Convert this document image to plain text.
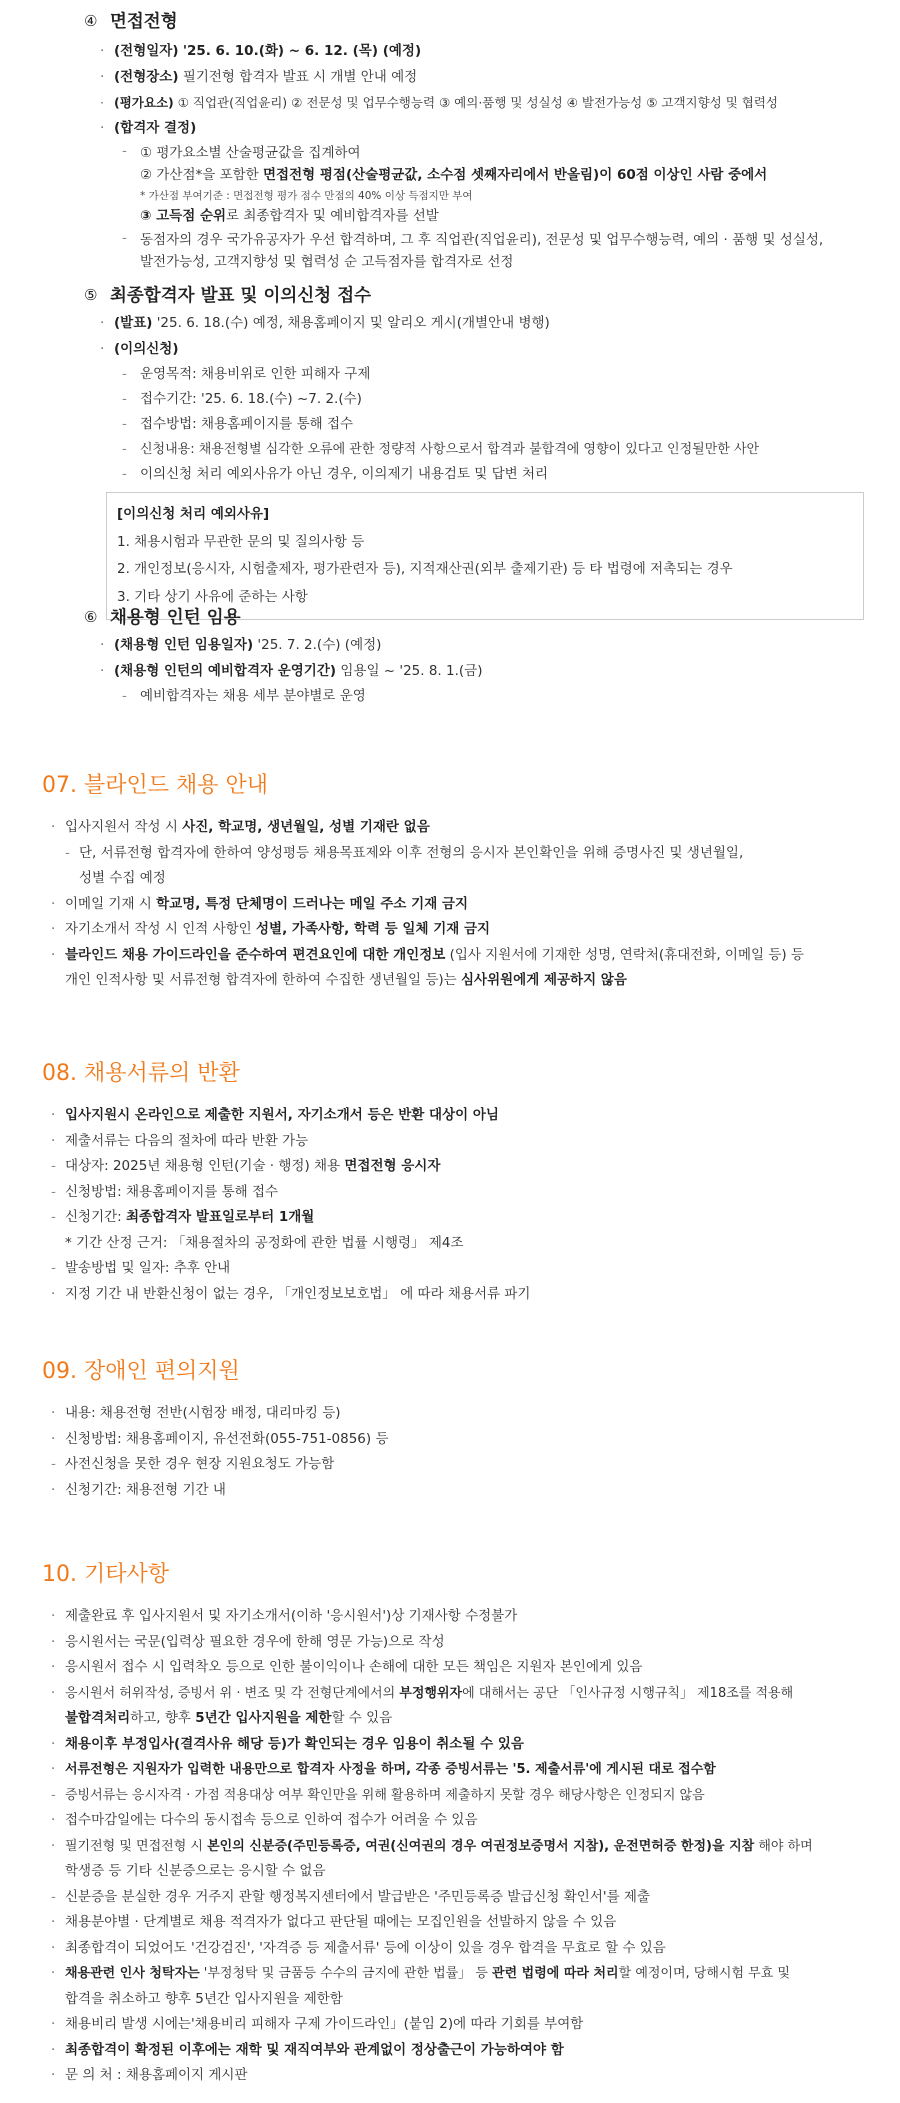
④ 면접전형
· (전형일자) '25. 6. 10.(화) ~ 6. 12. (목) (예정)
· (전형장소) 필기전형 합격자 발표 시 개별 안내 예정
· (평가요소) ① 직업관(직업윤리) ② 전문성 및 업무수행능력 ③ 예의·품행 및 성실성 ④ 발전가능성 ⑤ 고객지향성 및 협력성
· (합격자 결정)
- ① 평가요소별 산술평균값을 집계하여
② 가산점*을 포함한 면접전형 평점(산술평균값, 소수점 셋째자리에서 반올림)이 60점 이상인 사람 중에서
* 가산점 부여기준 : 면접전형 평가 점수 만점의 40% 이상 득점지만 부여
③ 고득점 순위로 최종합격자 및 예비합격자를 선발
- 동점자의 경우 국가유공자가 우선 합격하며, 그 후 직업관(직업윤리), 전문성 및 업무수행능력, 예의 · 품행 및 성실성,
발전가능성, 고객지향성 및 협력성 순 고득점자를 합격자로 선정
⑤ 최종합격자 발표 및 이의신청 접수
· (발표) '25. 6. 18.(수) 예정, 채용홈페이지 및 알리오 게시(개별안내 병행)
· (이의신청)
- 운영목적: 채용비위로 인한 피해자 구제
- 접수기간: '25. 6. 18.(수) ~7. 2.(수)
- 접수방법: 채용홈페이지를 통해 접수
- 신청내용: 채용전형별 심각한 오류에 관한 정량적 사항으로서 합격과 불합격에 영향이 있다고 인정될만한 사안
- 이의신청 처리 예외사유가 아닌 경우, 이의제기 내용검토 및 답변 처리
[이의신청 처리 예외사유]
1. 채용시험과 무관한 문의 및 질의사항 등
2. 개인정보(응시자, 시험출제자, 평가관련자 등), 지적재산권(외부 출제기관) 등 타 법령에 저촉되는 경우
3. 기타 상기 사유에 준하는 사항
⑥ 채용형 인턴 임용
· (채용형 인턴 임용일자) '25. 7. 2.(수) (예정)
· (채용형 인턴의 예비합격자 운영기간) 임용일 ~ '25. 8. 1.(금)
- 예비합격자는 채용 세부 분야별로 운영
07. 블라인드 채용 안내
· 입사지원서 작성 시 사진, 학교명, 생년월일, 성별 기재란 없음
- 단, 서류전형 합격자에 한하여 양성평등 채용목표제와 이후 전형의 응시자 본인확인을 위해 증명사진 및 생년월일,
성별 수집 예정
· 이메일 기재 시 학교명, 특정 단체명이 드러나는 메일 주소 기재 금지
· 자기소개서 작성 시 인적 사항인 성별, 가족사항, 학력 등 일체 기재 금지
· 블라인드 채용 가이드라인을 준수하여 편견요인에 대한 개인정보 (입사 지원서에 기재한 성명, 연락처(휴대전화, 이메일 등) 등
개인 인적사항 및 서류전형 합격자에 한하여 수집한 생년월일 등)는 심사위원에게 제공하지 않음
08. 채용서류의 반환
· 입사지원시 온라인으로 제출한 지원서, 자기소개서 등은 반환 대상이 아님
· 제출서류는 다음의 절차에 따라 반환 가능
- 대상자: 2025년 채용형 인턴(기술 · 행정) 채용 면접전형 응시자
- 신청방법: 채용홈페이지를 통해 접수
- 신청기간: 최종합격자 발표일로부터 1개월
* 기간 산정 근거: 「채용절차의 공정화에 관한 법률 시행령」 제4조
- 발송방법 및 일자: 추후 안내
· 지정 기간 내 반환신청이 없는 경우, 「개인정보보호법」 에 따라 채용서류 파기
09. 장애인 편의지원
· 내용: 채용전형 전반(시험장 배정, 대리마킹 등)
· 신청방법: 채용홈페이지, 유선전화(055-751-0856) 등
- 사전신청을 못한 경우 현장 지원요청도 가능함
· 신청기간: 채용전형 기간 내
10. 기타사항
· 제출완료 후 입사지원서 및 자기소개서(이하 '응시원서')상 기재사항 수정불가
· 응시원서는 국문(입력상 필요한 경우에 한해 영문 가능)으로 작성
· 응시원서 접수 시 입력착오 등으로 인한 불이익이나 손해에 대한 모든 책임은 지원자 본인에게 있음
· 응시원서 허위작성, 증빙서 위 · 변조 및 각 전형단계에서의 부정행위자에 대해서는 공단 「인사규정 시행규칙」 제18조를 적용해
불합격처리하고, 향후 5년간 입사지원을 제한할 수 있음
· 채용이후 부정입사(결격사유 해당 등)가 확인되는 경우 임용이 취소될 수 있음
· 서류전형은 지원자가 입력한 내용만으로 합격자 사정을 하며, 각종 증빙서류는 '5. 제출서류'에 게시된 대로 접수함
- 증빙서류는 응시자격 · 가점 적용대상 여부 확인만을 위해 활용하며 제출하지 못할 경우 해당사항은 인정되지 않음
· 접수마감일에는 다수의 동시접속 등으로 인하여 접수가 어려울 수 있음
· 필기전형 및 면접전형 시 본인의 신분증(주민등록증, 여권(신여권의 경우 여권정보증명서 지참), 운전면허증 한정)을 지참 해야 하며
학생증 등 기타 신분증으로는 응시할 수 없음
- 신분증을 분실한 경우 거주지 관할 행정복지센터에서 발급받은 '주민등록증 발급신청 확인서'를 제출
· 채용분야별 · 단계별로 채용 적격자가 없다고 판단될 때에는 모집인원을 선발하지 않을 수 있음
· 최종합격이 되었어도 '건강검진', '자격증 등 제출서류' 등에 이상이 있을 경우 합격을 무효로 할 수 있음
· 채용관련 인사 청탁자는 '부정청탁 및 금품등 수수의 금지에 관한 법률」 등 관련 법령에 따라 처리할 예정이며, 당해시험 무효 및
합격을 취소하고 향후 5년간 입사지원을 제한함
· 채용비리 발생 시에는'채용비리 피해자 구제 가이드라인」(붙임 2)에 따라 기회를 부여함
· 최종합격이 확정된 이후에는 재학 및 재직여부와 관계없이 정상출근이 가능하여야 함
· 문 의 처 : 채용홈페이지 게시판
